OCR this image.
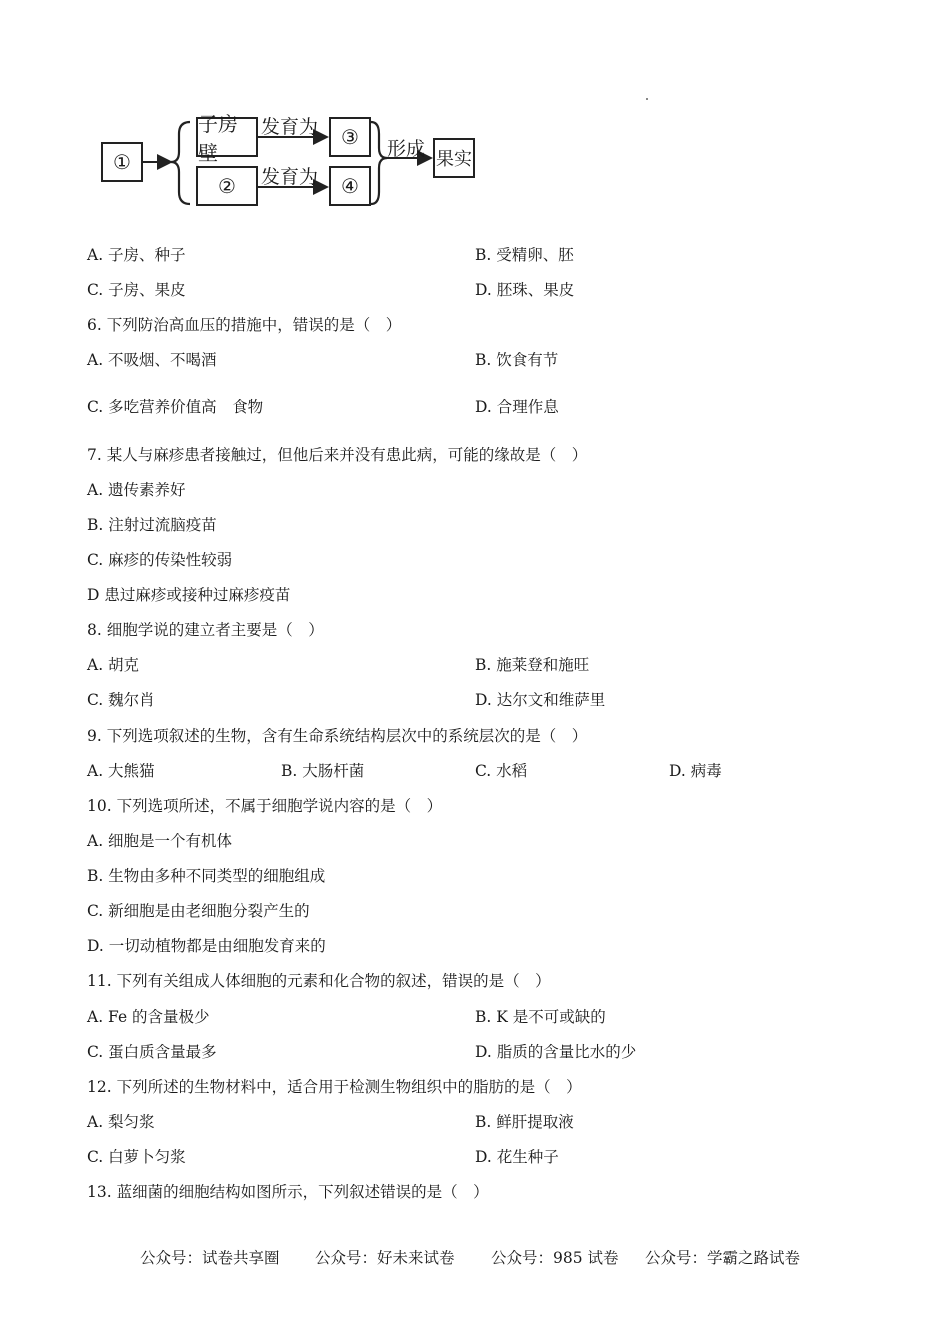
①
子房壁
②
③
④
果实
发育为
发育为
形成
A. 子房、种子	B. 受精卵、胚
C. 子房、果皮	D. 胚珠、果皮
6. 下列防治高血压的措施中，错误的是（　）
A. 不吸烟、不喝酒	B. 饮食有节
C. 多吃营养价值高　食物	D. 合理作息
7. 某人与麻疹患者接触过，但他后来并没有患此病，可能的缘故是（　）
A. 遗传素养好
B. 注射过流脑疫苗
C. 麻疹的传染性较弱
D 患过麻疹或接种过麻疹疫苗
8. 细胞学说的建立者主要是（　）
A. 胡克	B. 施莱登和施旺
C. 魏尔肖	D. 达尔文和维萨里
9. 下列选项叙述的生物，含有生命系统结构层次中的系统层次的是（　）
A. 大熊猫	B. 大肠杆菌	C. 水稻	D. 病毒
10. 下列选项所述，不属于细胞学说内容的是（　）
A. 细胞是一个有机体
B. 生物由多种不同类型的细胞组成
C. 新细胞是由老细胞分裂产生的
D. 一切动植物都是由细胞发育来的
11. 下列有关组成人体细胞的元素和化合物的叙述，错误的是（　）
A. Fe 的含量极少	B. K 是不可或缺的
C. 蛋白质含量最多	D. 脂质的含量比水的少
12. 下列所述的生物材料中，适合用于检测生物组织中的脂肪的是（　）
A. 梨匀浆	B. 鲜肝提取液
C. 白萝卜匀浆	D. 花生种子
13. 蓝细菌的细胞结构如图所示，下列叙述错误的是（　）
公众号：试卷共享圈 公众号：好未来试卷 公众号：985 试卷 公众号：学霸之路试卷
